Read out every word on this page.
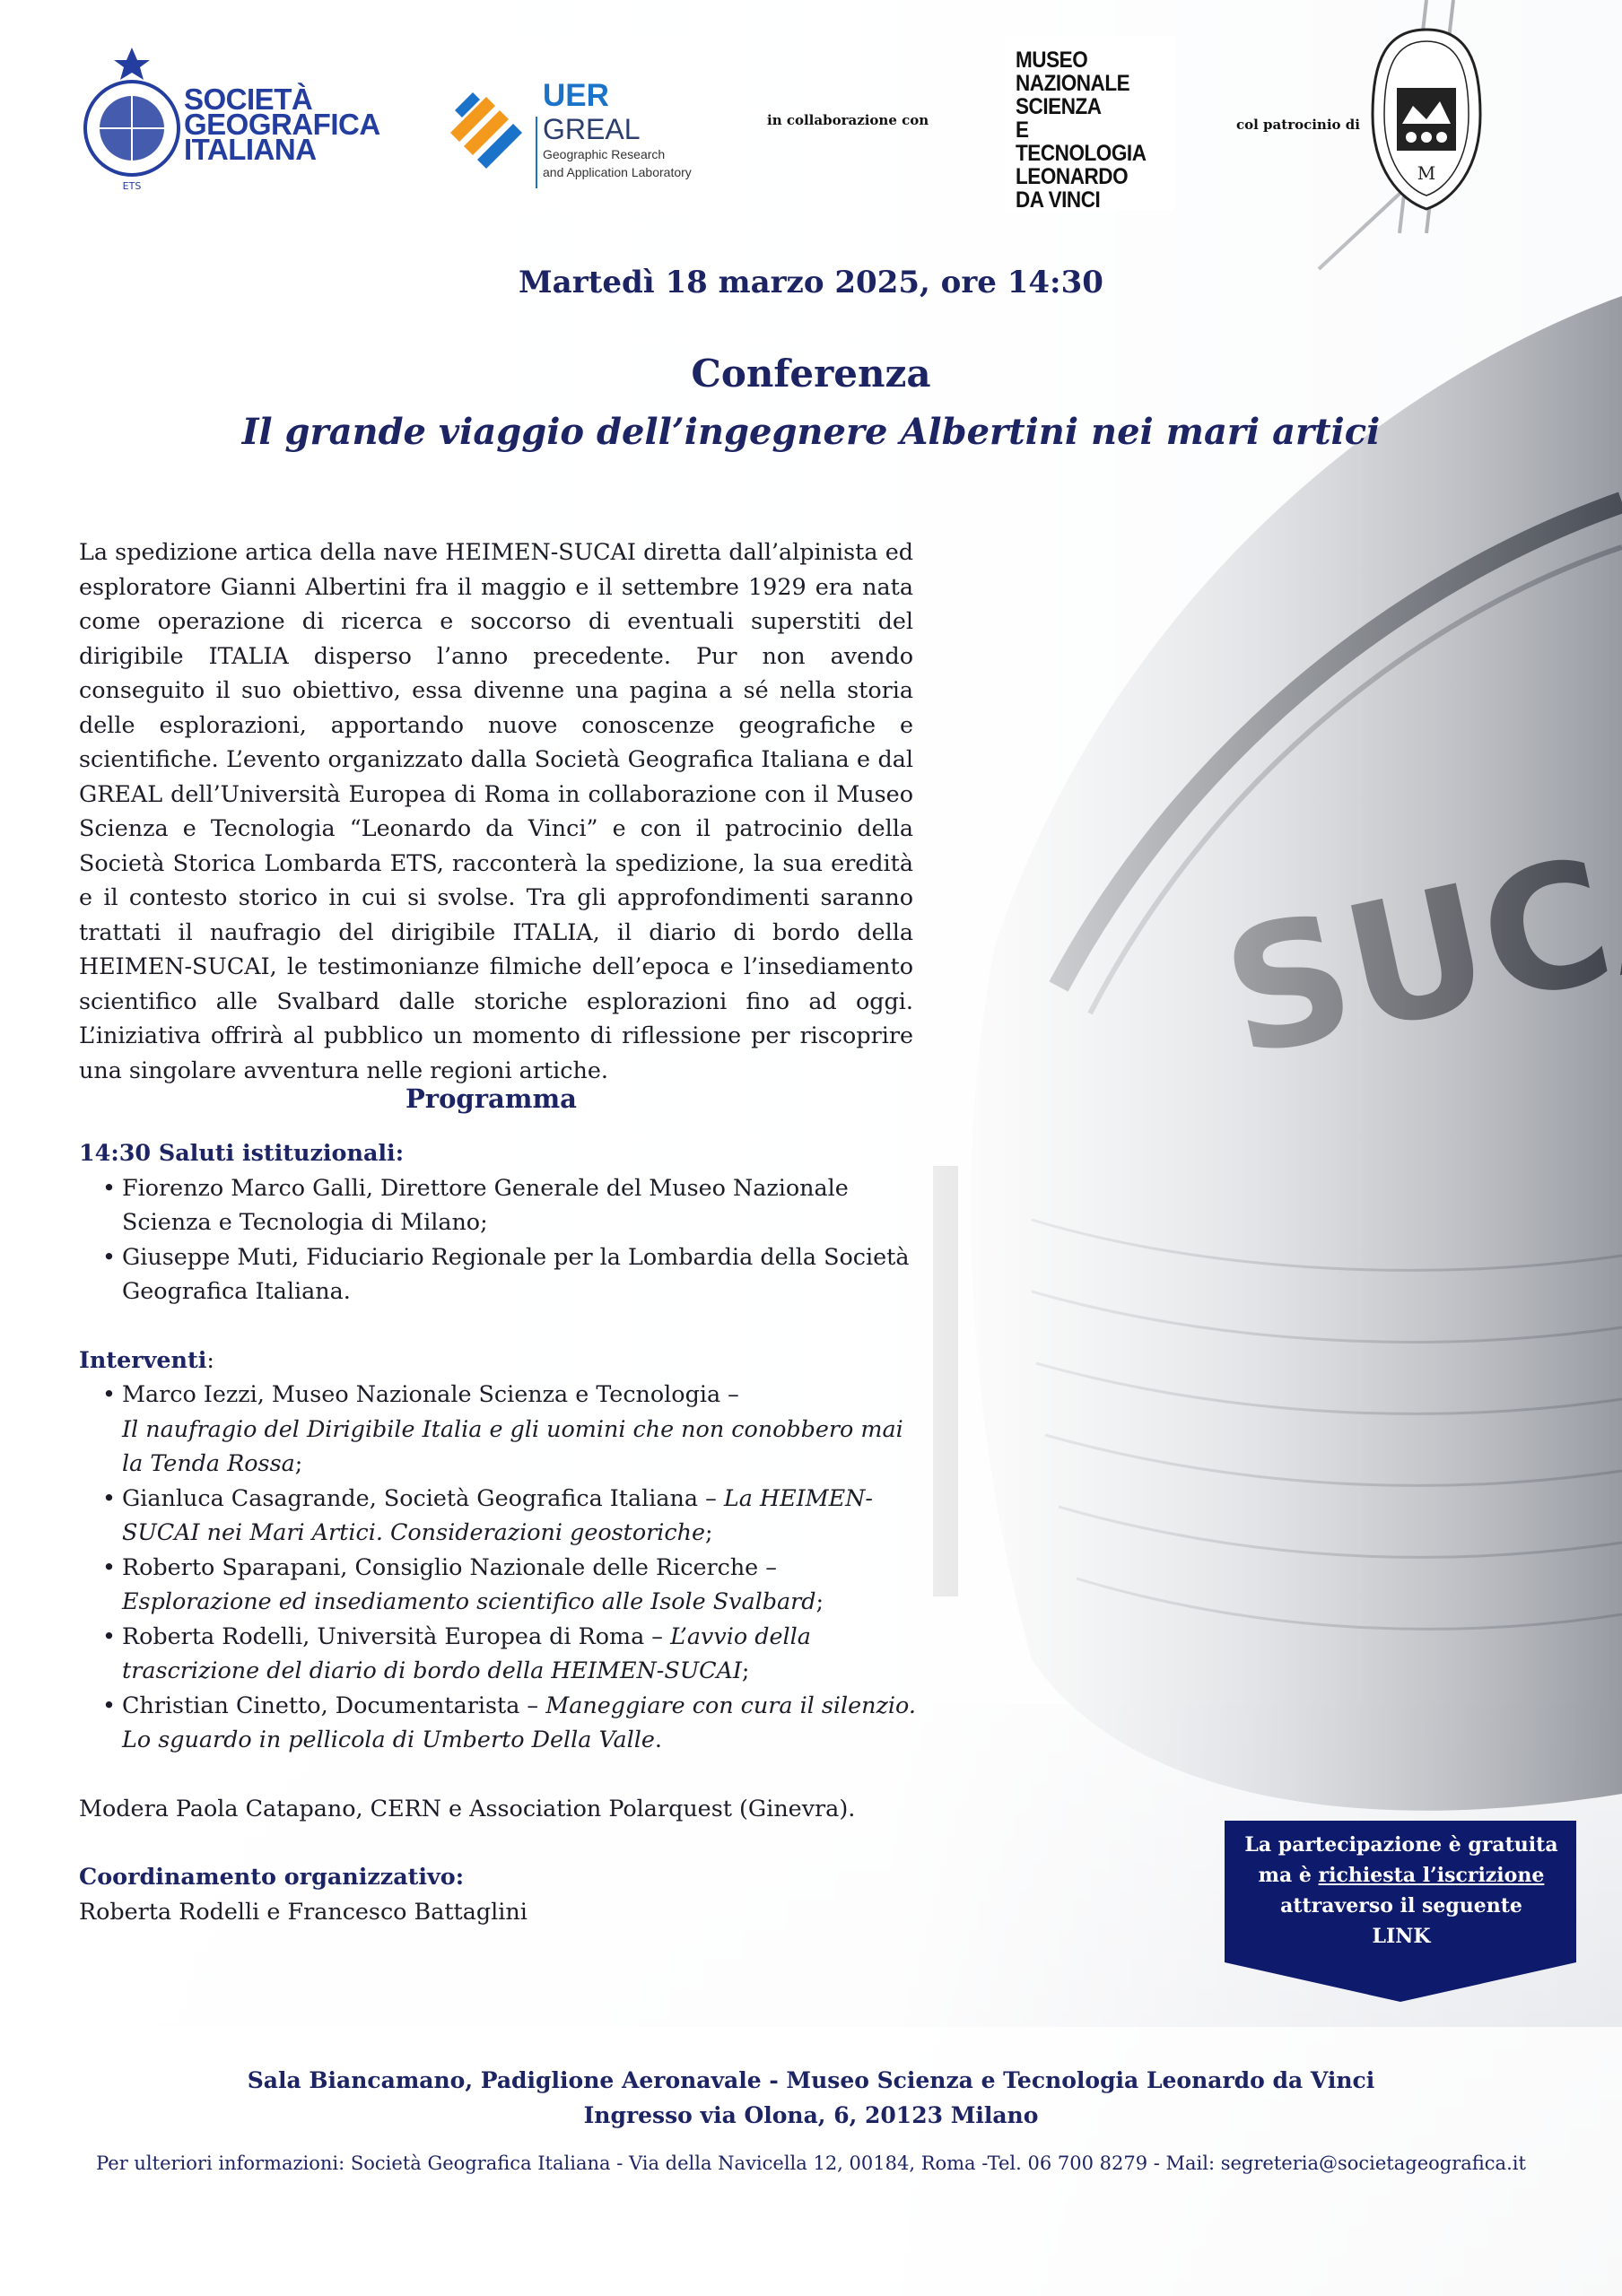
ETS
SOCIETÀ
GEOGRAFICA
ITALIANA
UER
GREAL
Geographic Research
and Application Laboratory
in collaborazione con
MUSEO
NAZIONALE
SCIENZA
E TECNOLOGIA
LEONARDO
DA VINCI
col patrocinio di
M
Martedì 18 marzo 2025, ore 14:30
Conferenza
Il grande viaggio dell’ingegnere Albertini nei mari artici
La spedizione artica della nave HEIMEN-SUCAI diretta dall’alpinista ed esploratore Gianni Albertini fra il maggio e il settembre 1929 era nata come operazione di ricerca e soccorso di eventuali superstiti del dirigibile ITALIA disperso l’anno precedente. Pur non avendo conseguito il suo obiettivo, essa divenne una pagina a sé nella storia delle esplorazioni, apportando nuove conoscenze geografiche e scientifiche. L’evento organizzato dalla Società Geografica Italiana e dal GREAL dell’Università Europea di Roma in collaborazione con il Museo Scienza e Tecnologia “Leonardo da Vinci” e con il patrocinio della Società Storica Lombarda ETS, racconterà la spedizione, la sua eredità e il contesto storico in cui si svolse. Tra gli approfondimenti saranno trattati il naufragio del dirigibile ITALIA, il diario di bordo della HEIMEN-SUCAI, le testimonianze filmiche dell’epoca e l’insediamento scientifico alle Svalbard dalle storiche esplorazioni fino ad oggi. L’iniziativa offrirà al pubblico un momento di riflessione per riscoprire una singolare avventura nelle regioni artiche.
Programma
14:30 Saluti istituzionali:
• Fiorenzo Marco Galli, Direttore Generale del Museo Nazionale Scienza e Tecnologia di Milano;
• Giuseppe Muti, Fiduciario Regionale per la Lombardia della Società Geografica Italiana.
Interventi:
• Marco Iezzi, Museo Nazionale Scienza e Tecnologia –
Il naufragio del Dirigibile Italia e gli uomini che non conobbero mai la Tenda Rossa;
• Gianluca Casagrande, Società Geografica Italiana – La HEIMEN-SUCAI nei Mari Artici. Considerazioni geostoriche;
• Roberto Sparapani, Consiglio Nazionale delle Ricerche – Esplorazione ed insediamento scientifico alle Isole Svalbard;
• Roberta Rodelli, Università Europea di Roma – L’avvio della trascrizione del diario di bordo della HEIMEN-SUCAI;
• Christian Cinetto, Documentarista – Maneggiare con cura il silenzio. Lo sguardo in pellicola di Umberto Della Valle.
Modera Paola Catapano, CERN e Association Polarquest (Ginevra).
Coordinamento organizzativo:
Roberta Rodelli e Francesco Battaglini
La partecipazione è gratuita ma è richiesta l’iscrizione attraverso il seguente
LINK
Sala Biancamano, Padiglione Aeronavale - Museo Scienza e Tecnologia Leonardo da Vinci
Ingresso via Olona, 6, 20123 Milano
Per ulteriori informazioni: Società Geografica Italiana - Via della Navicella 12, 00184, Roma -Tel. 06 700 8279 - Mail: segreteria@societageografica.it
